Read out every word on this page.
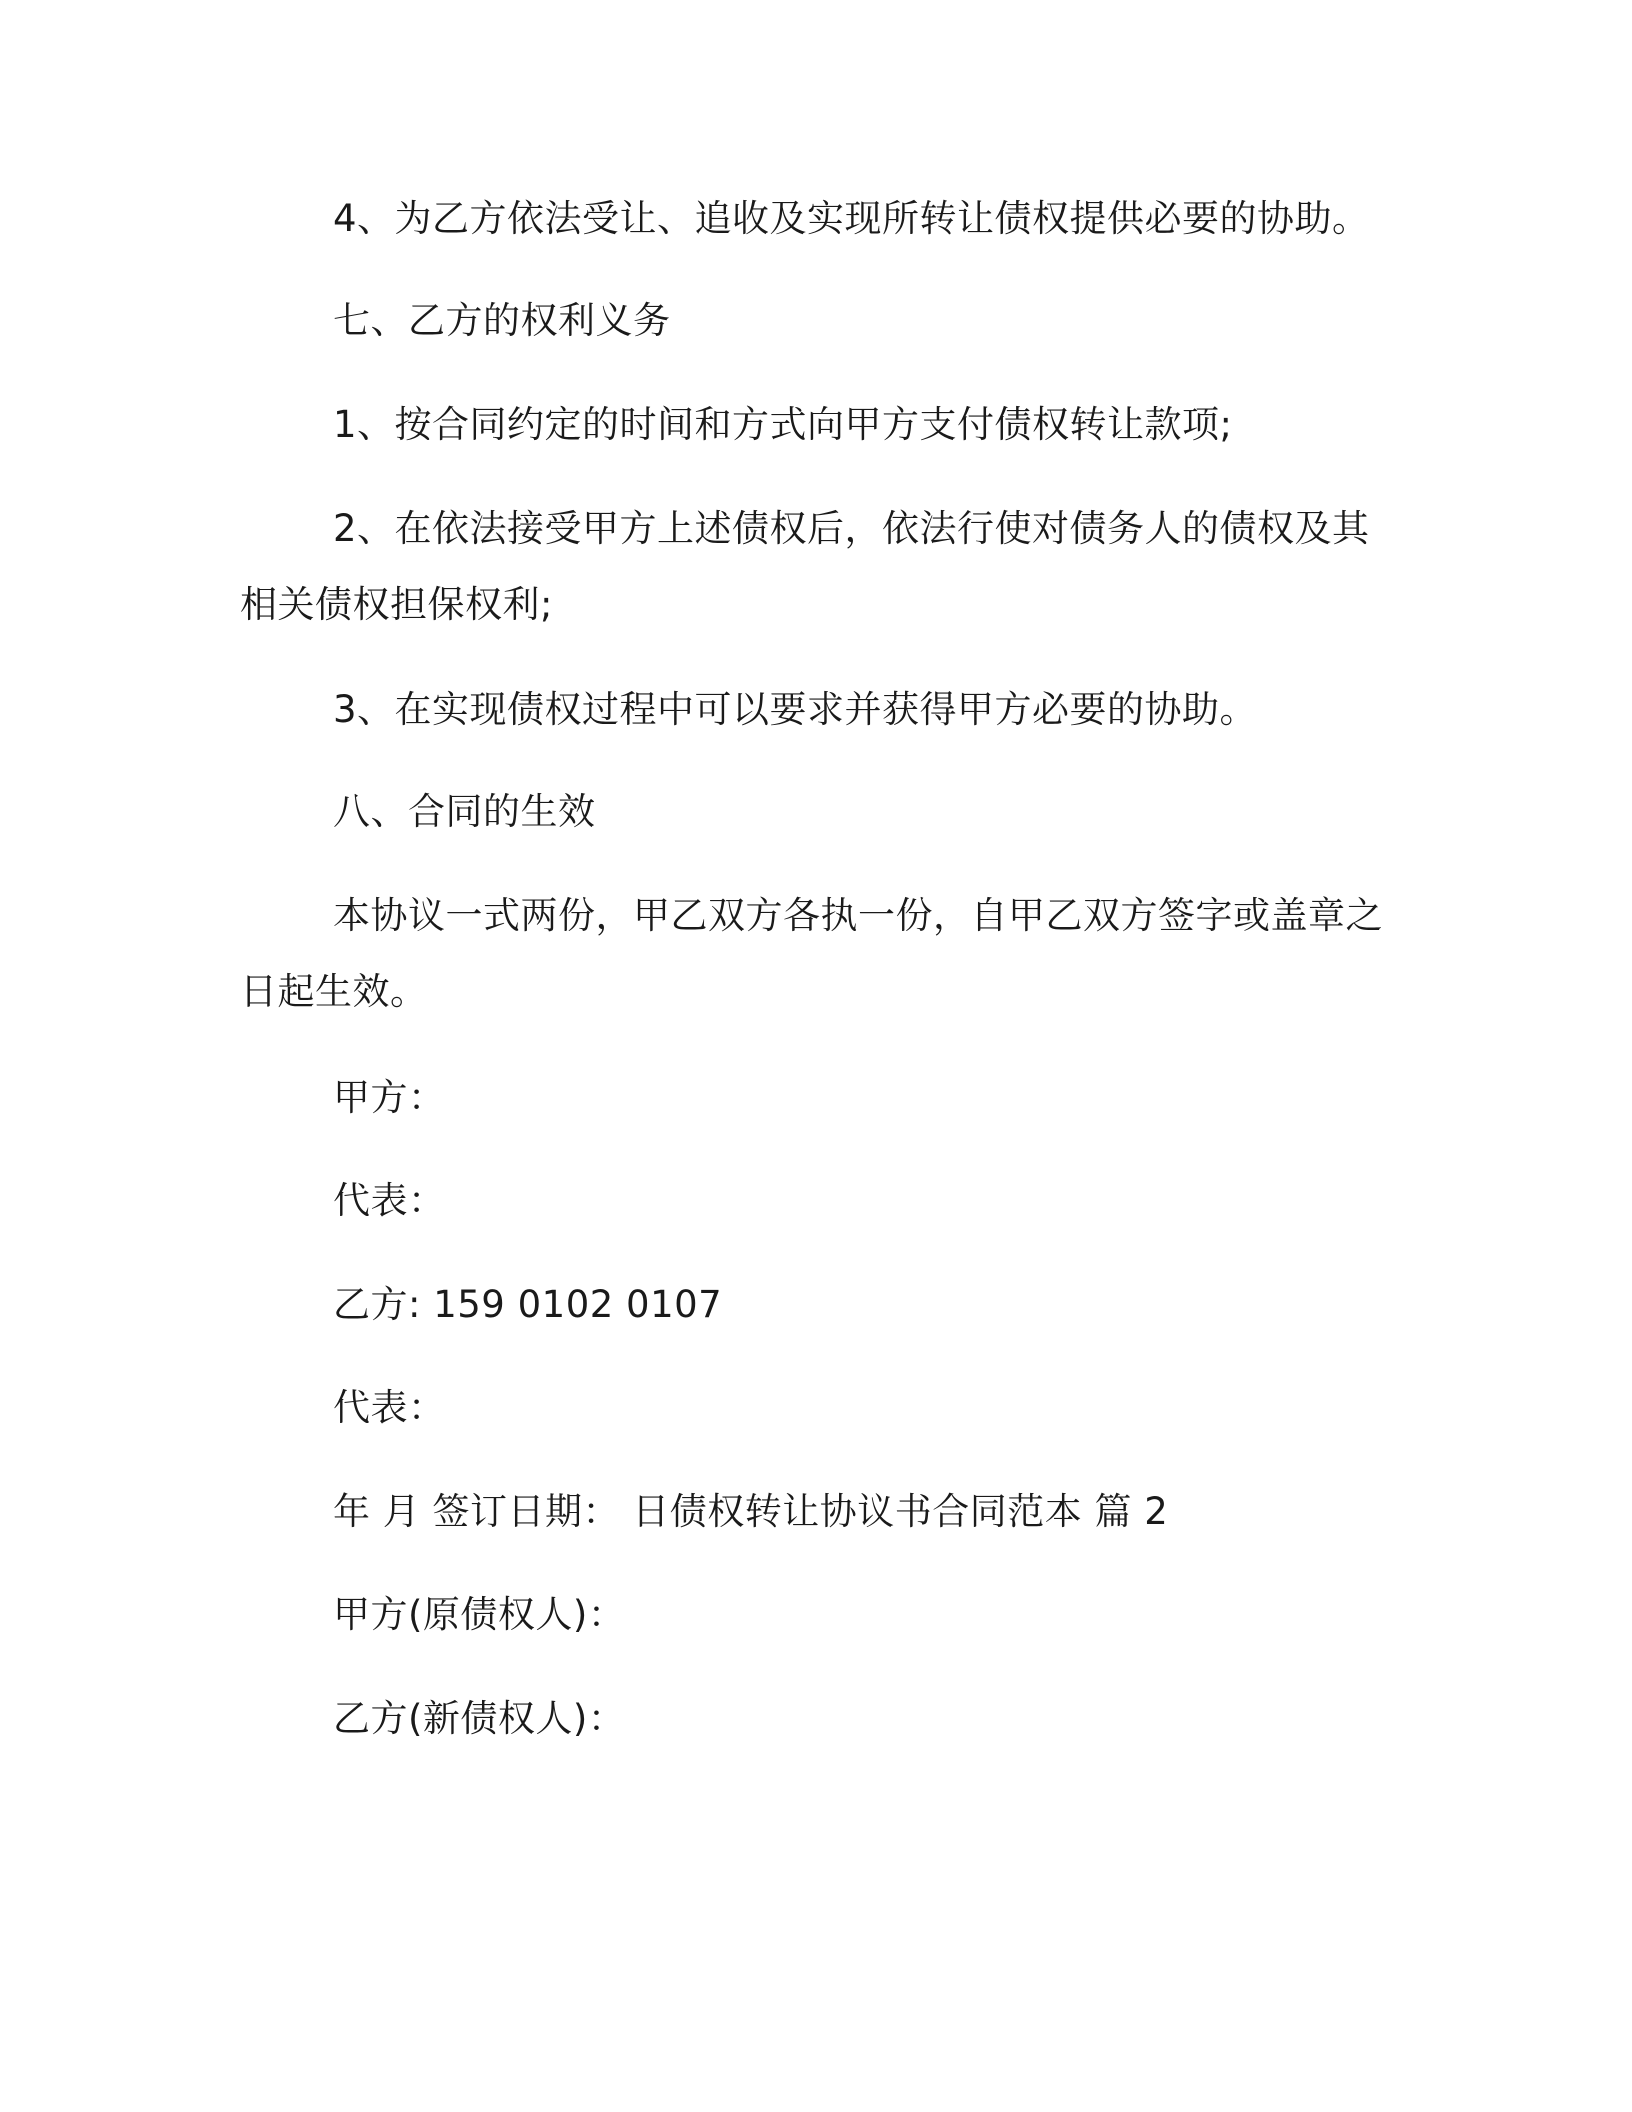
4、为乙方依法受让、追收及实现所转让债权提供必要的协助。
七、乙方的权利义务
1、按合同约定的时间和方式向甲方支付债权转让款项;
2、在依法接受甲方上述债权后，依法行使对债务人的债权及其
相关债权担保权利;
3、在实现债权过程中可以要求并获得甲方必要的协助。
八、合同的生效
本协议一式两份，甲乙双方各执一份，自甲乙双方签字或盖章之
日起生效。
甲方：
代表：
乙方: 159 0102 0107
代表：
年 月 签订日期： 日债权转让协议书合同范本 篇 2
甲方(原债权人)：
乙方(新债权人)：
